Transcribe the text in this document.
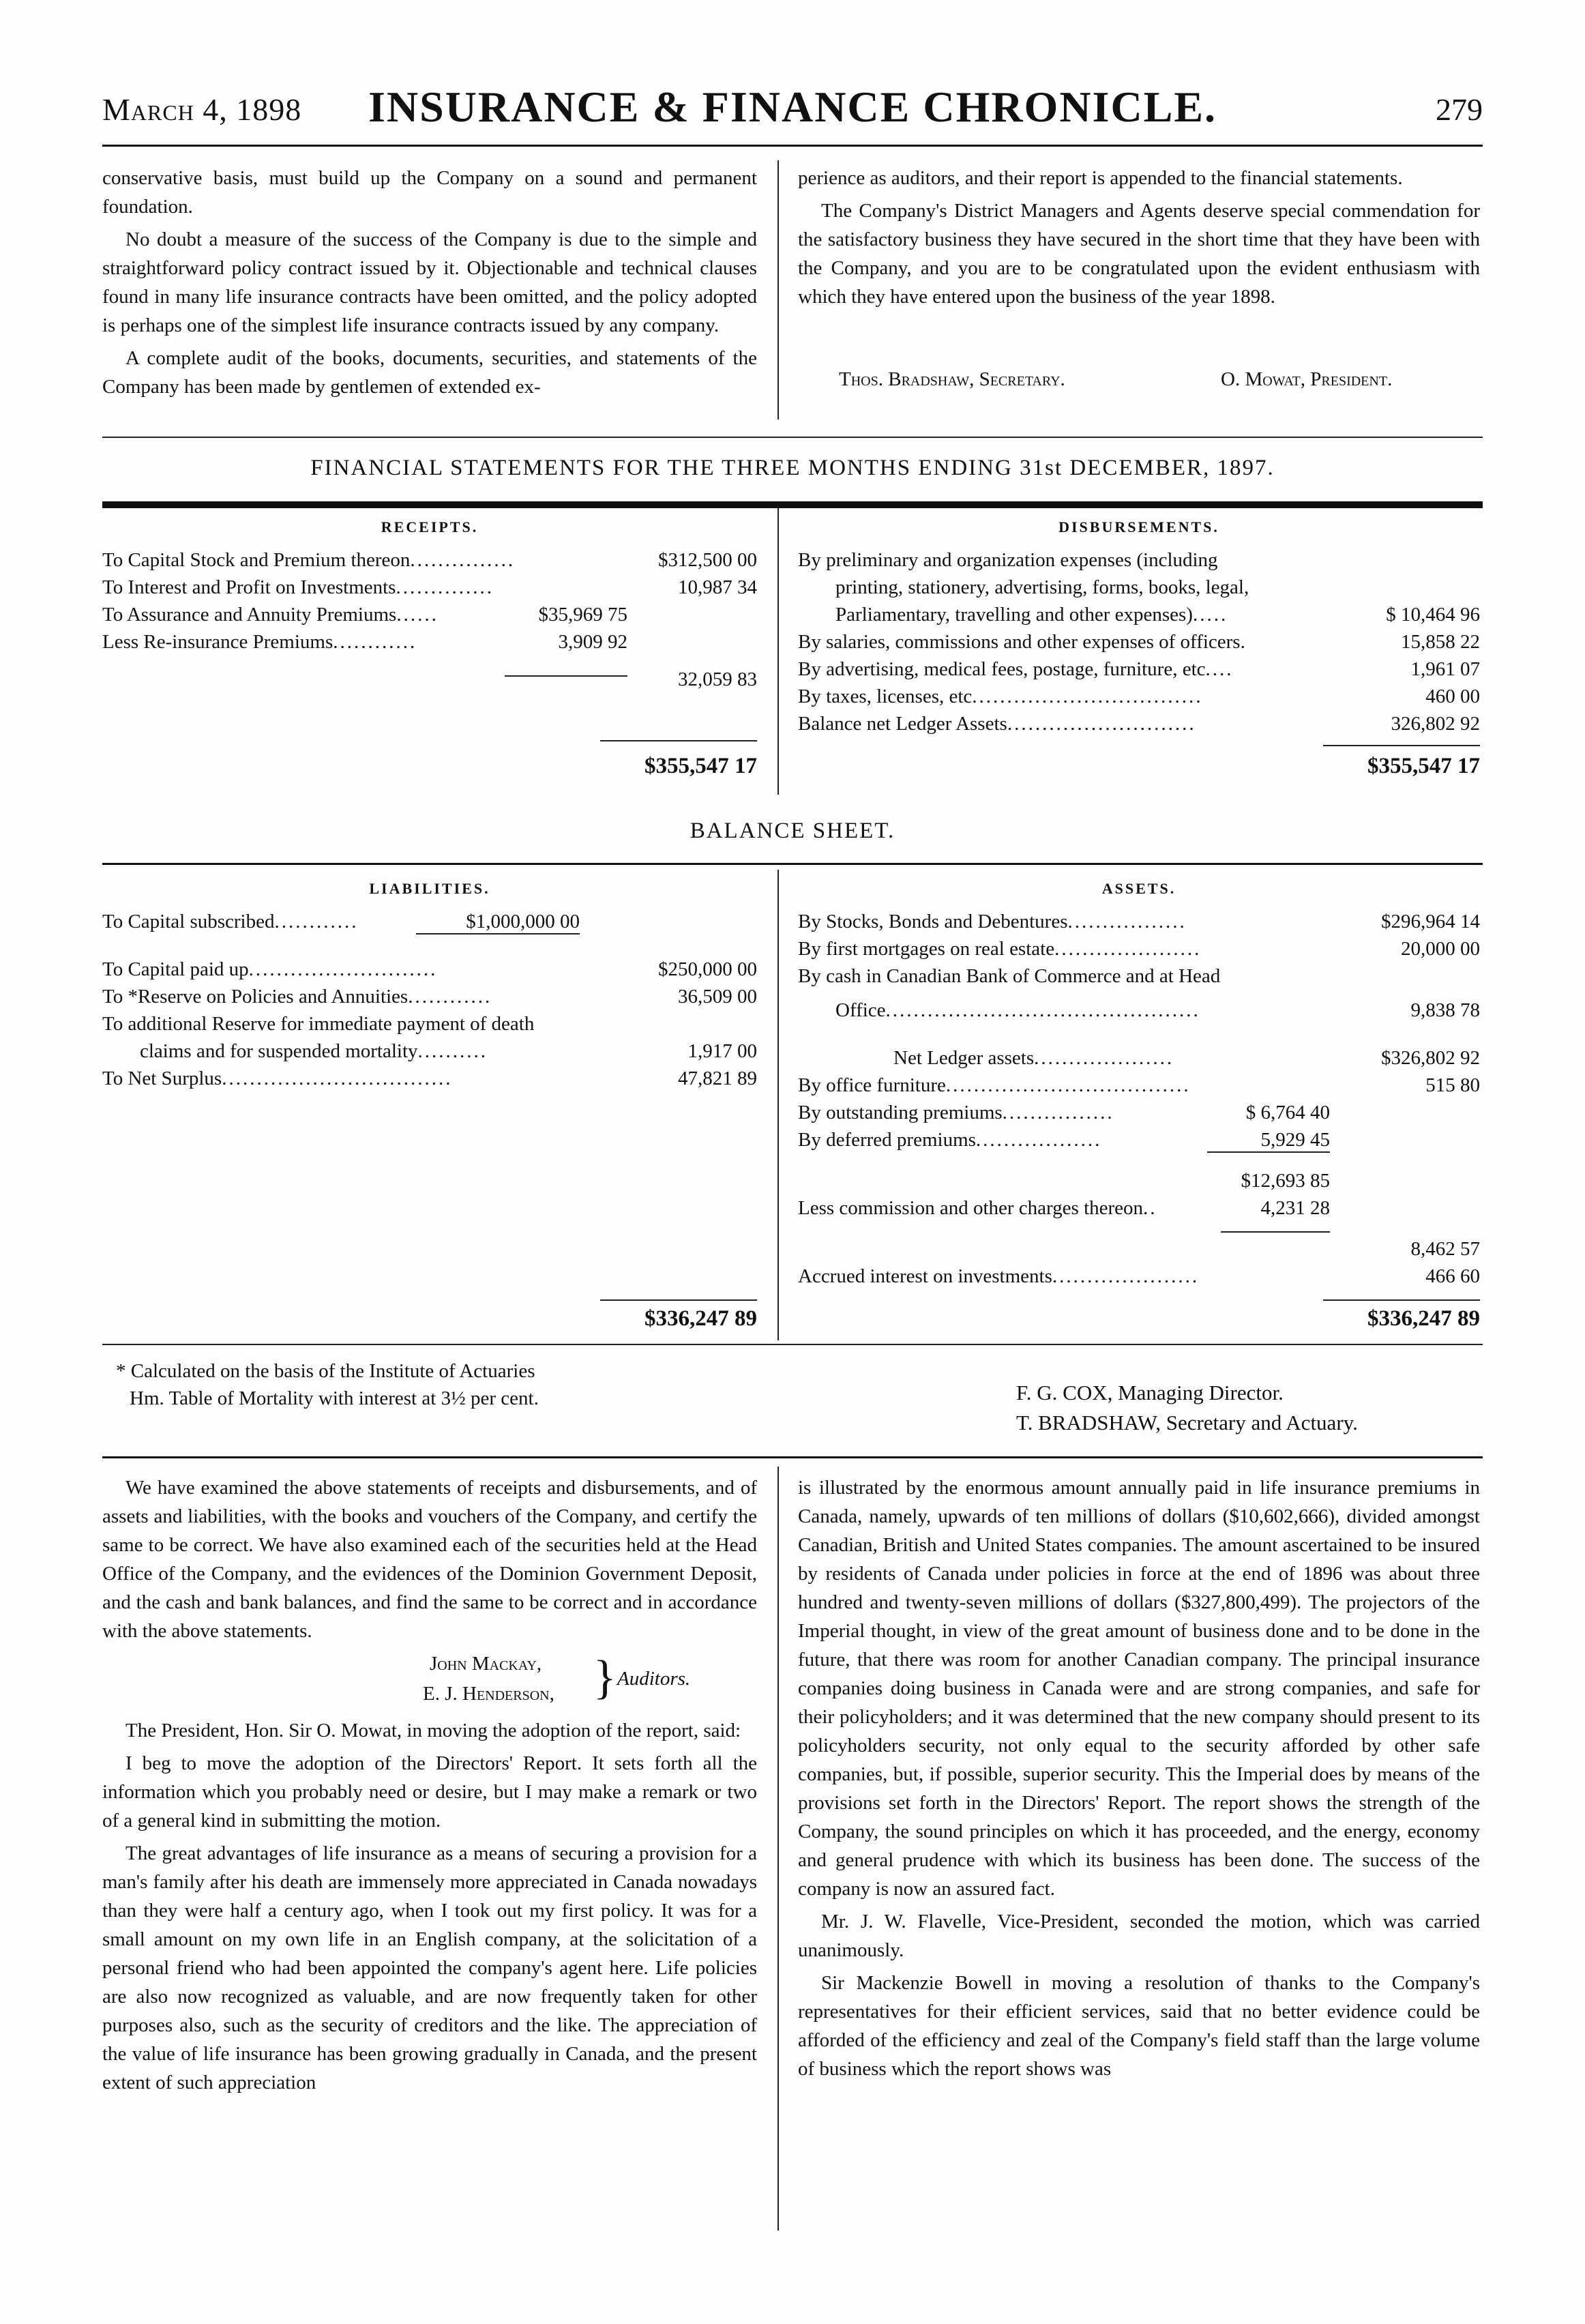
March 4, 1898	INSURANCE & FINANCE CHRONICLE.	279

conservative basis, must build up the Company on a sound and permanent foundation.

No doubt a measure of the success of the Company is due to the simple and straightforward policy contract issued by it. Objectionable and technical clauses found in many life insurance contracts have been omitted, and the policy adopted is perhaps one of the simplest life insurance contracts issued by any company.

A complete audit of the books, documents, securities, and statements of the Company has been made by gentlemen of extended ex-

perience as auditors, and their report is appended to the financial statements.

The Company's District Managers and Agents deserve special commendation for the satisfactory business they have secured in the short time that they have been with the Company, and you are to be congratulated upon the evident enthusiasm with which they have entered upon the business of the year 1898.

Thos. Bradshaw, Secretary.	O. Mowat, President.
FINANCIAL STATEMENTS FOR THE THREE MONTHS ENDING 31st DECEMBER, 1897.
RECEIPTS.	DISBURSEMENTS.
To Capital Stock and Premium thereon...............	$312,500 00
To Interest and Profit on Investments..............	10,987 34
To Assurance and Annuity Premiums......	$35,969 75
Less Re-insurance Premiums............	3,909 92
32,059 83
$355,547 17
By preliminary and organization expenses (including
printing, stationery, advertising, forms, books, legal,
Parliamentary, travelling and other expenses).....	$ 10,464 96
By salaries, commissions and other expenses of officers.	15,858 22
By advertising, medical fees, postage, furniture, etc....	1,961 07
By taxes, licenses, etc.................................	460 00
Balance net Ledger Assets...........................	326,802 92
$355,547 17
BALANCE SHEET.
LIABILITIES.	ASSETS.
To Capital subscribed............	$1,000,000 00
To Capital paid up...........................	$250,000 00
To *Reserve on Policies and Annuities............	36,509 00
To additional Reserve for immediate payment of death
claims and for suspended mortality..........	1,917 00
To Net Surplus.................................	47,821 89
$336,247 89
By Stocks, Bonds and Debentures.................	$296,964 14
By first mortgages on real estate.....................	20,000 00
By cash in Canadian Bank of Commerce and at Head
Office.............................................	9,838 78
Net Ledger assets....................	$326,802 92
By office furniture...................................	515 80
By outstanding premiums................	$ 6,764 40
By deferred premiums..................	5,929 45
$12,693 85
Less commission and other charges thereon..	4,231 28
8,462 57
Accrued interest on investments.....................	466 60
$336,247 89
* Calculated on the basis of the Institute of Actuaries
Hm. Table of Mortality with interest at 3½ per cent.	F. G. COX, Managing Director.
T. BRADSHAW, Secretary and Actuary.

We have examined the above statements of receipts and disbursements, and of assets and liabilities, with the books and vouchers of the Company, and certify the same to be correct. We have also examined each of the securities held at the Head Office of the Company, and the evidences of the Dominion Government Deposit, and the cash and bank balances, and find the same to be correct and in accordance with the above statements.

John Mackay,
E. J. Henderson, } Auditors.

The President, Hon. Sir O. Mowat, in moving the adoption of the report, said:

I beg to move the adoption of the Directors' Report. It sets forth all the information which you probably need or desire, but I may make a remark or two of a general kind in submitting the motion.

The great advantages of life insurance as a means of securing a provision for a man's family after his death are immensely more appreciated in Canada nowadays than they were half a century ago, when I took out my first policy. It was for a small amount on my own life in an English company, at the solicitation of a personal friend who had been appointed the company's agent here. Life policies are also now recognized as valuable, and are now frequently taken for other purposes also, such as the security of creditors and the like. The appreciation of the value of life insurance has been growing gradually in Canada, and the present extent of such appreciation

is illustrated by the enormous amount annually paid in life insurance premiums in Canada, namely, upwards of ten millions of dollars ($10,602,666), divided amongst Canadian, British and United States companies. The amount ascertained to be insured by residents of Canada under policies in force at the end of 1896 was about three hundred and twenty-seven millions of dollars ($327,800,499). The projectors of the Imperial thought, in view of the great amount of business done and to be done in the future, that there was room for another Canadian company. The principal insurance companies doing business in Canada were and are strong companies, and safe for their policyholders; and it was determined that the new company should present to its policyholders security, not only equal to the security afforded by other safe companies, but, if possible, superior security. This the Imperial does by means of the provisions set forth in the Directors' Report. The report shows the strength of the Company, the sound principles on which it has proceeded, and the energy, economy and general prudence with which its business has been done. The success of the company is now an assured fact.

Mr. J. W. Flavelle, Vice-President, seconded the motion, which was carried unanimously.

Sir Mackenzie Bowell in moving a resolution of thanks to the Company's representatives for their efficient services, said that no better evidence could be afforded of the efficiency and zeal of the Company's field staff than the large volume of business which the report shows was
